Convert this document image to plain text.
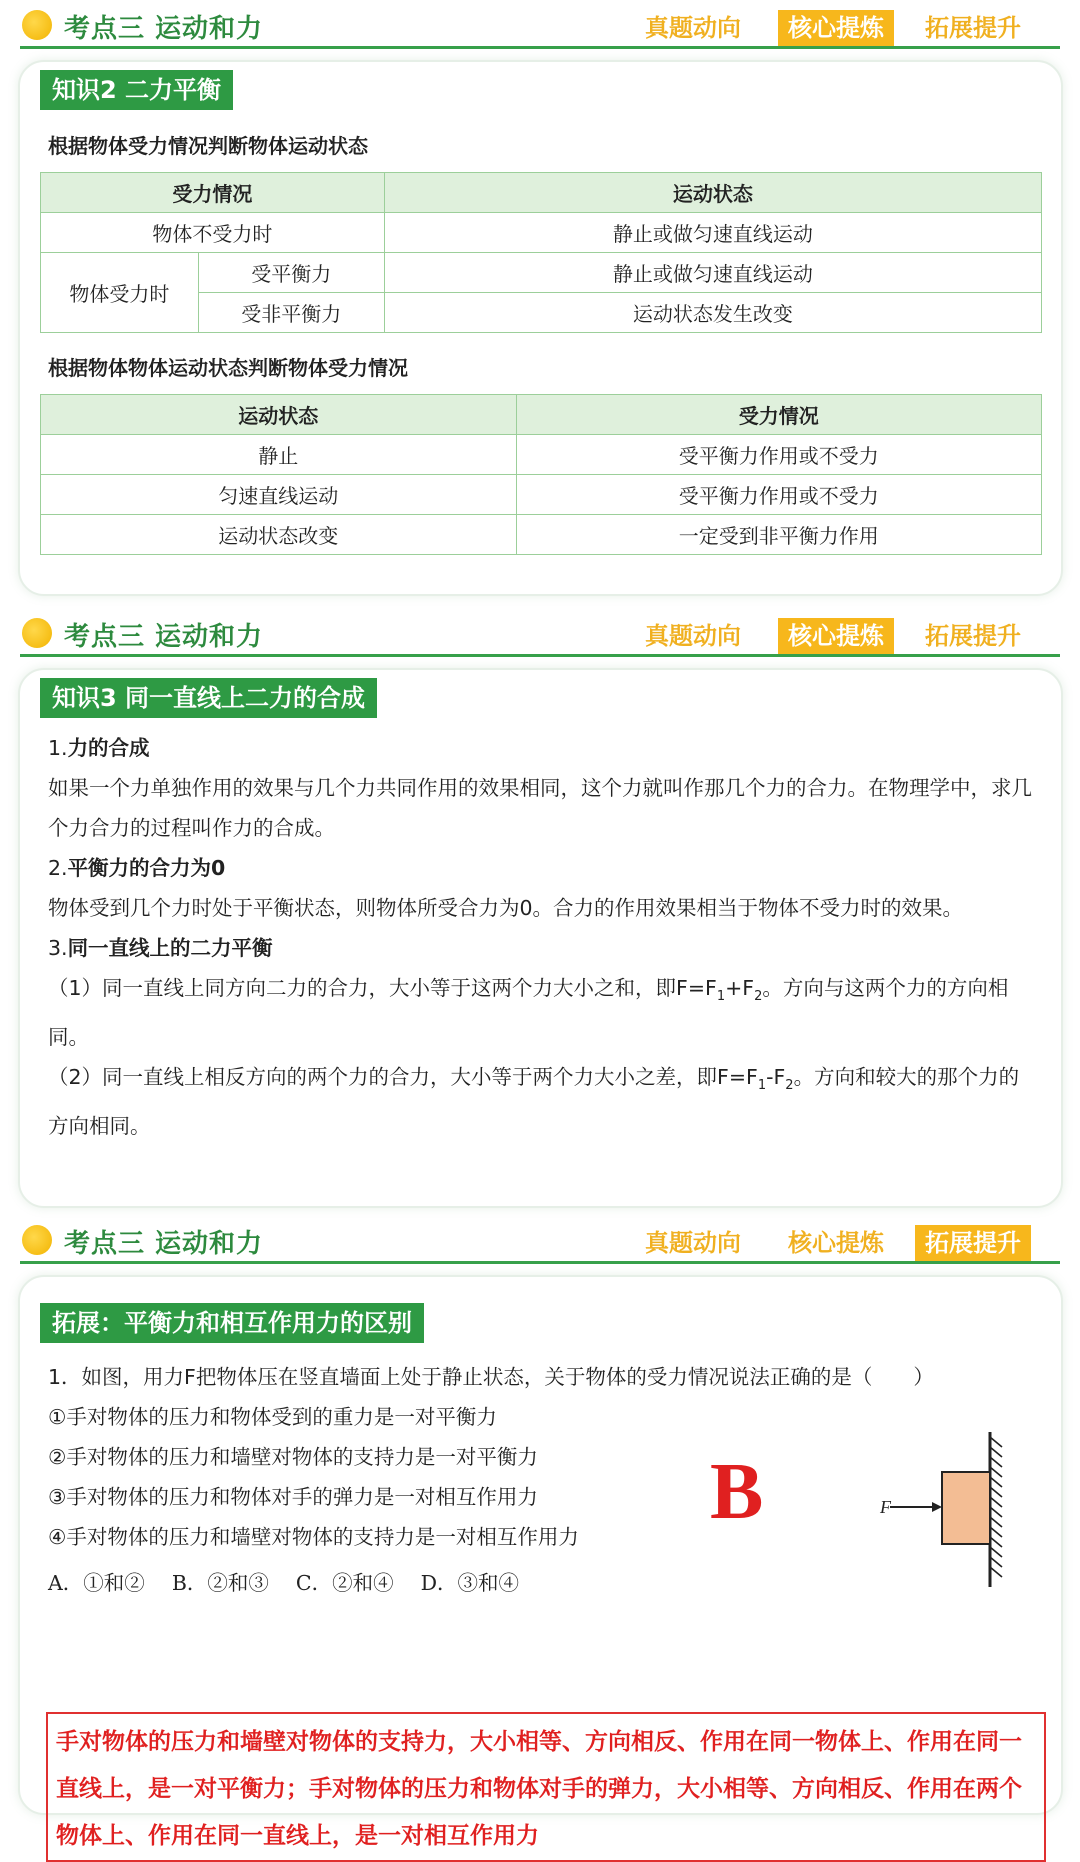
考点三 运动和力	真题动向	核心提炼	拓展提升
知识2 二力平衡
根据物体受力情况判断物体运动状态
受力情况		运动状态
物体不受力时		静止或做匀速直线运动
物体受力时	受平衡力	静止或做匀速直线运动
	受非平衡力	运动状态发生改变
根据物体物体运动状态判断物体受力情况
运动状态	受力情况
静止	受平衡力作用或不受力
匀速直线运动	受平衡力作用或不受力
运动状态改变	一定受到非平衡力作用
考点三 运动和力	真题动向	核心提炼	拓展提升
知识3 同一直线上二力的合成

1.力的合成

如果一个力单独作用的效果与几个力共同作用的效果相同，这个力就叫作那几个力的合力。在物理学中，求几个力合力的过程叫作力的合成。

2.平衡力的合力为0

物体受到几个力时处于平衡状态，则物体所受合力为0。合力的作用效果相当于物体不受力时的效果。

3.同一直线上的二力平衡

（1）同一直线上同方向二力的合力，大小等于这两个力大小之和，即$F=F_1+F_2$。方向与这两个力的方向相同。

（2）同一直线上相反方向的两个力的合力，大小等于两个力大小之差，即$F=F_1-F_2$。方向和较大的那个力的方向相同。

考点三 运动和力	真题动向	核心提炼	拓展提升
拓展：平衡力和相互作用力的区别
1．如图，用力F把物体压在竖直墙面上处于静止状态，关于物体的受力情况说法正确的是（　　）
①手对物体的压力和物体受到的重力是一对平衡力
②手对物体的压力和墙壁对物体的支持力是一对平衡力
③手对物体的压力和物体对手的弹力是一对相互作用力
④手对物体的压力和墙壁对物体的支持力是一对相互作用力
A．①和②　 B．②和③　 C．②和④　 D．③和④
B	F
手对物体的压力和墙壁对物体的支持力，大小相等、方向相反、作用在同一物体上、作用在同一直线上，是一对平衡力；手对物体的压力和物体对手的弹力，大小相等、方向相反、作用在两个物体上、作用在同一直线上，是一对相互作用力
